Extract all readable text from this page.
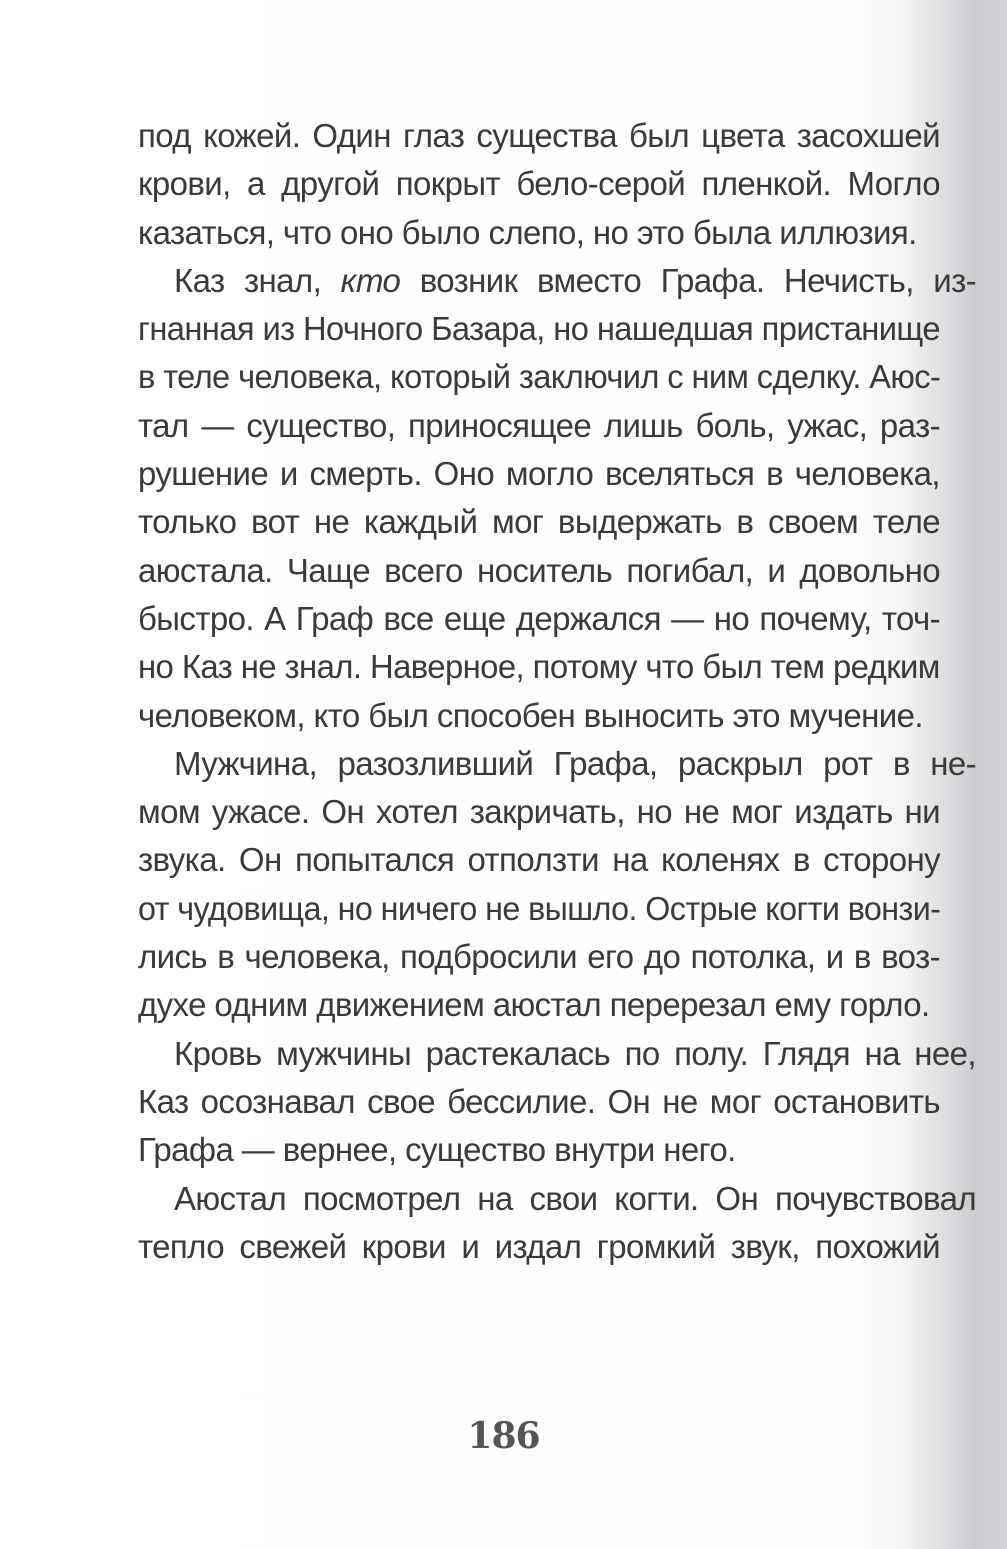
под кожей. Один глаз существа был цвета засохшей
крови, а другой покрыт бело-серой пленкой. Могло
казаться, что оно было слепо, но это была иллюзия.
Каз знал, кто возник вместо Графа. Нечисть, из-
гнанная из Ночного Базара, но нашедшая пристанище
в теле человека, который заключил с ним сделку. Аюс-
тал — существо, приносящее лишь боль, ужас, раз-
рушение и смерть. Оно могло вселяться в человека,
только вот не каждый мог выдержать в своем теле
аюстала. Чаще всего носитель погибал, и довольно
быстро. А Граф все еще держался — но почему, точ-
но Каз не знал. Наверное, потому что был тем редким
человеком, кто был способен выносить это мучение.
Мужчина, разозливший Графа, раскрыл рот в не-
мом ужасе. Он хотел закричать, но не мог издать ни
звука. Он попытался отползти на коленях в сторону
от чудовища, но ничего не вышло. Острые когти вонзи-
лись в человека, подбросили его до потолка, и в воз-
духе одним движением аюстал перерезал ему горло.
Кровь мужчины растекалась по полу. Глядя на нее,
Каз осознавал свое бессилие. Он не мог остановить
Графа — вернее, существо внутри него.
Аюстал посмотрел на свои когти. Он почувствовал
тепло свежей крови и издал громкий звук, похожий
186
